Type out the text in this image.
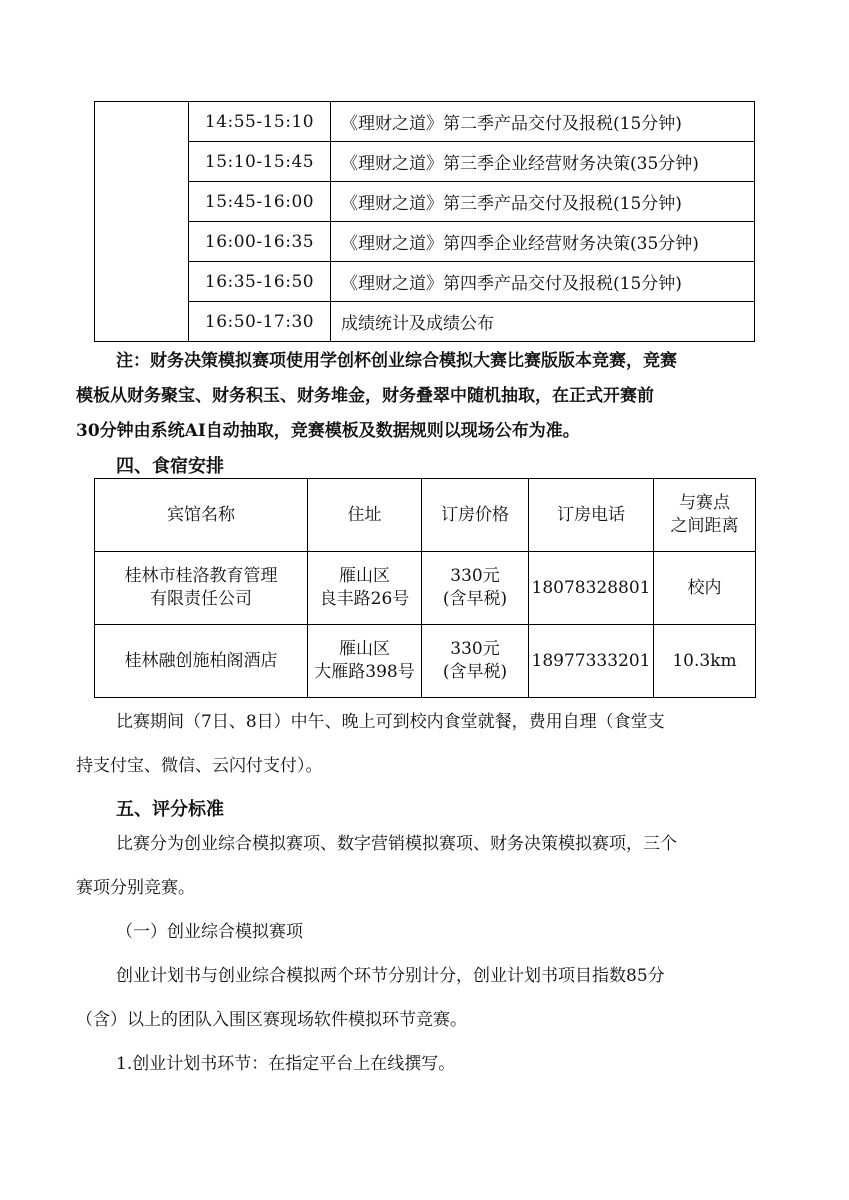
	14:55-15:10	《理财之道》第二季产品交付及报税(15分钟)
	15:10-15:45	《理财之道》第三季企业经营财务决策(35分钟)
	15:45-16:00	《理财之道》第三季产品交付及报税(15分钟)
	16:00-16:35	《理财之道》第四季企业经营财务决策(35分钟)
	16:35-16:50	《理财之道》第四季产品交付及报税(15分钟)
	16:50-17:30	成绩统计及成绩公布

注：财务决策模拟赛项使用学创杯创业综合模拟大赛比赛版版本竞赛，竞赛

模板从财务聚宝、财务积玉、财务堆金，财务叠翠中随机抽取，在正式开赛前

30分钟由系统AI自动抽取，竞赛模板及数据规则以现场公布为准。

四、食宿安排
宾馆名称	住址	订房价格	订房电话	与赛点
之间距离

桂林市桂洛教育管理
有限责任公司	雁山区
良丰路26号	330元
(含早税)	18078328801	校内
桂林融创施柏阁酒店	雁山区
大雁路398号	330元
(含早税)	18977333201	10.3km

比赛期间（7日、8日）中午、晚上可到校内食堂就餐，费用自理（食堂支

持支付宝、微信、云闪付支付）。

五、评分标准

比赛分为创业综合模拟赛项、数字营销模拟赛项、财务决策模拟赛项，三个

赛项分别竞赛。

（一）创业综合模拟赛项

创业计划书与创业综合模拟两个环节分别计分，创业计划书项目指数85分

（含）以上的团队入围区赛现场软件模拟环节竞赛。

1.创业计划书环节：在指定平台上在线撰写。
